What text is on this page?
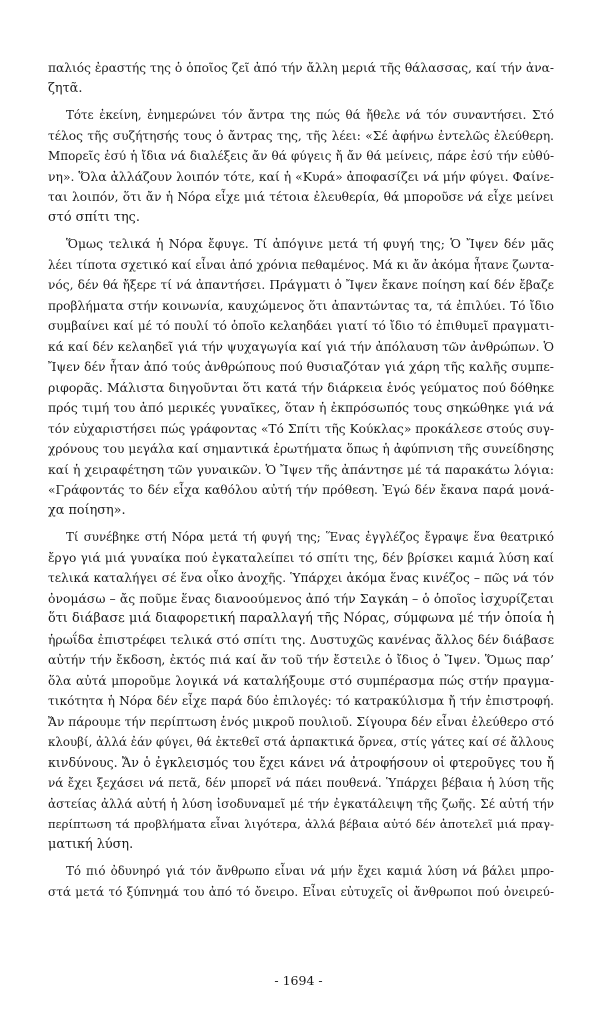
παλιός ἐραστής της ὁ ὁποῖος ζεῖ ἀπό τήν ἄλλη μεριά τῆς θάλασσας, καί τήν ἀνα-
ζητᾶ.
Τότε ἐκείνη, ἐνημερώνει τόν ἄντρα της πώς θά ἤθελε νά τόν συναντήσει. Στό
τέλος τῆς συζήτησής τους ὁ ἄντρας της, τῆς λέει: «Σέ ἀφήνω ἐντελῶς ἐλεύθερη.
Μπορεῖς ἐσύ ἡ ἴδια νά διαλέξεις ἄν θά φύγεις ἤ ἄν θά μείνεις, πάρε ἐσύ τήν εὐθύ-
νη». Ὅλα ἀλλάζουν λοιπόν τότε, καί ἡ «Κυρά» ἀποφασίζει νά μήν φύγει. Φαίνε-
ται λοιπόν, ὅτι ἄν ἡ Νόρα εἶχε μιά τέτοια ἐλευθερία, θά μποροῦσε νά εἶχε μείνει
στό σπίτι της.
Ὅμως τελικά ἡ Νόρα ἔφυγε. Τί ἀπόγινε μετά τή φυγή της; Ὁ Ἴψεν δέν μᾶς
λέει τίποτα σχετικό καί εἶναι ἀπό χρόνια πεθαμένος. Μά κι ἄν ἀκόμα ἦτανε ζωντα-
νός, δέν θά ἤξερε τί νά ἀπαντήσει. Πράγματι ὁ Ἴψεν ἔκανε ποίηση καί δέν ἔβαζε
προβλήματα στήν κοινωνία, καυχώμενος ὅτι ἀπαντώντας τα, τά ἐπιλύει. Τό ἴδιο
συμβαίνει καί μέ τό πουλί τό ὁποῖο κελαηδάει γιατί τό ἴδιο τό ἐπιθυμεῖ πραγματι-
κά καί δέν κελαηδεῖ γιά τήν ψυχαγωγία καί γιά τήν ἀπόλαυση τῶν ἀνθρώπων. Ὁ
Ἴψεν δέν ἦταν ἀπό τούς ἀνθρώπους πού θυσιαζόταν γιά χάρη τῆς καλῆς συμπε-
ριφορᾶς. Μάλιστα διηγοῦνται ὅτι κατά τήν διάρκεια ἑνός γεύματος πού δόθηκε
πρός τιμή του ἀπό μερικές γυναῖκες, ὅταν ἡ ἐκπρόσωπός τους σηκώθηκε γιά νά
τόν εὐχαριστήσει πώς γράφοντας «Τό Σπίτι τῆς Κούκλας» προκάλεσε στούς συγ-
χρόνους του μεγάλα καί σημαντικά ἐρωτήματα ὅπως ἡ ἀφύπνιση τῆς συνείδησης
καί ἡ χειραφέτηση τῶν γυναικῶν. Ὁ Ἴψεν τῆς ἀπάντησε μέ τά παρακάτω λόγια:
«Γράφοντάς το δέν εἶχα καθόλου αὐτή τήν πρόθεση. Ἐγώ δέν ἔκανα παρά μονά-
χα ποίηση».
Τί συνέβηκε στή Νόρα μετά τή φυγή της; Ἕνας ἐγγλέζος ἔγραψε ἕνα θεατρικό
ἔργο γιά μιά γυναίκα πού ἐγκαταλείπει τό σπίτι της, δέν βρίσκει καμιά λύση καί
τελικά καταλήγει σέ ἕνα οἶκο ἀνοχῆς. Ὑπάρχει ἀκόμα ἕνας κινέζος – πῶς νά τόν
ὀνομάσω – ἄς ποῦμε ἕνας διανοούμενος ἀπό τήν Σαγκάη – ὁ ὁποῖος ἰσχυρίζεται
ὅτι διάβασε μιά διαφορετική παραλλαγή τῆς Νόρας, σύμφωνα μέ τήν ὁποία ἡ
ἡρωΐδα ἐπιστρέφει τελικά στό σπίτι της. Δυστυχῶς κανένας ἄλλος δέν διάβασε
αὐτήν τήν ἔκδοση, ἐκτός πιά καί ἄν τοῦ τήν ἔστειλε ὁ ἴδιος ὁ Ἴψεν. Ὅμως παρ’
ὅλα αὐτά μποροῦμε λογικά νά καταλήξουμε στό συμπέρασμα πώς στήν πραγμα-
τικότητα ἡ Νόρα δέν εἶχε παρά δύο ἐπιλογές: τό κατρακύλισμα ἤ τήν ἐπιστροφή.
Ἄν πάρουμε τήν περίπτωση ἑνός μικροῦ πουλιοῦ. Σίγουρα δέν εἶναι ἐλεύθερο στό
κλουβί, ἀλλά ἐάν φύγει, θά ἐκτεθεῖ στά ἁρπακτικά ὄρνεα, στίς γάτες καί σέ ἄλλους
κινδύνους. Ἄν ὁ ἐγκλεισμός του ἔχει κάνει νά ἀτροφήσουν οἱ φτεροῦγες του ἤ
νά ἔχει ξεχάσει νά πετᾶ, δέν μπορεῖ νά πάει πουθενά. Ὑπάρχει βέβαια ἡ λύση τῆς
ἀστείας ἀλλά αὐτή ἡ λύση ἰσοδυναμεῖ μέ τήν ἐγκατάλειψη τῆς ζωῆς. Σέ αὐτή τήν
περίπτωση τά προβλήματα εἶναι λιγότερα, ἀλλά βέβαια αὐτό δέν ἀποτελεῖ μιά πραγ-
ματική λύση.
Τό πιό ὀδυνηρό γιά τόν ἄνθρωπο εἶναι νά μήν ἔχει καμιά λύση νά βάλει μπρο-
στά μετά τό ξύπνημά του ἀπό τό ὄνειρο. Εἶναι εὐτυχεῖς οἱ ἄνθρωποι πού ὀνειρεύ-
- 1694 -
